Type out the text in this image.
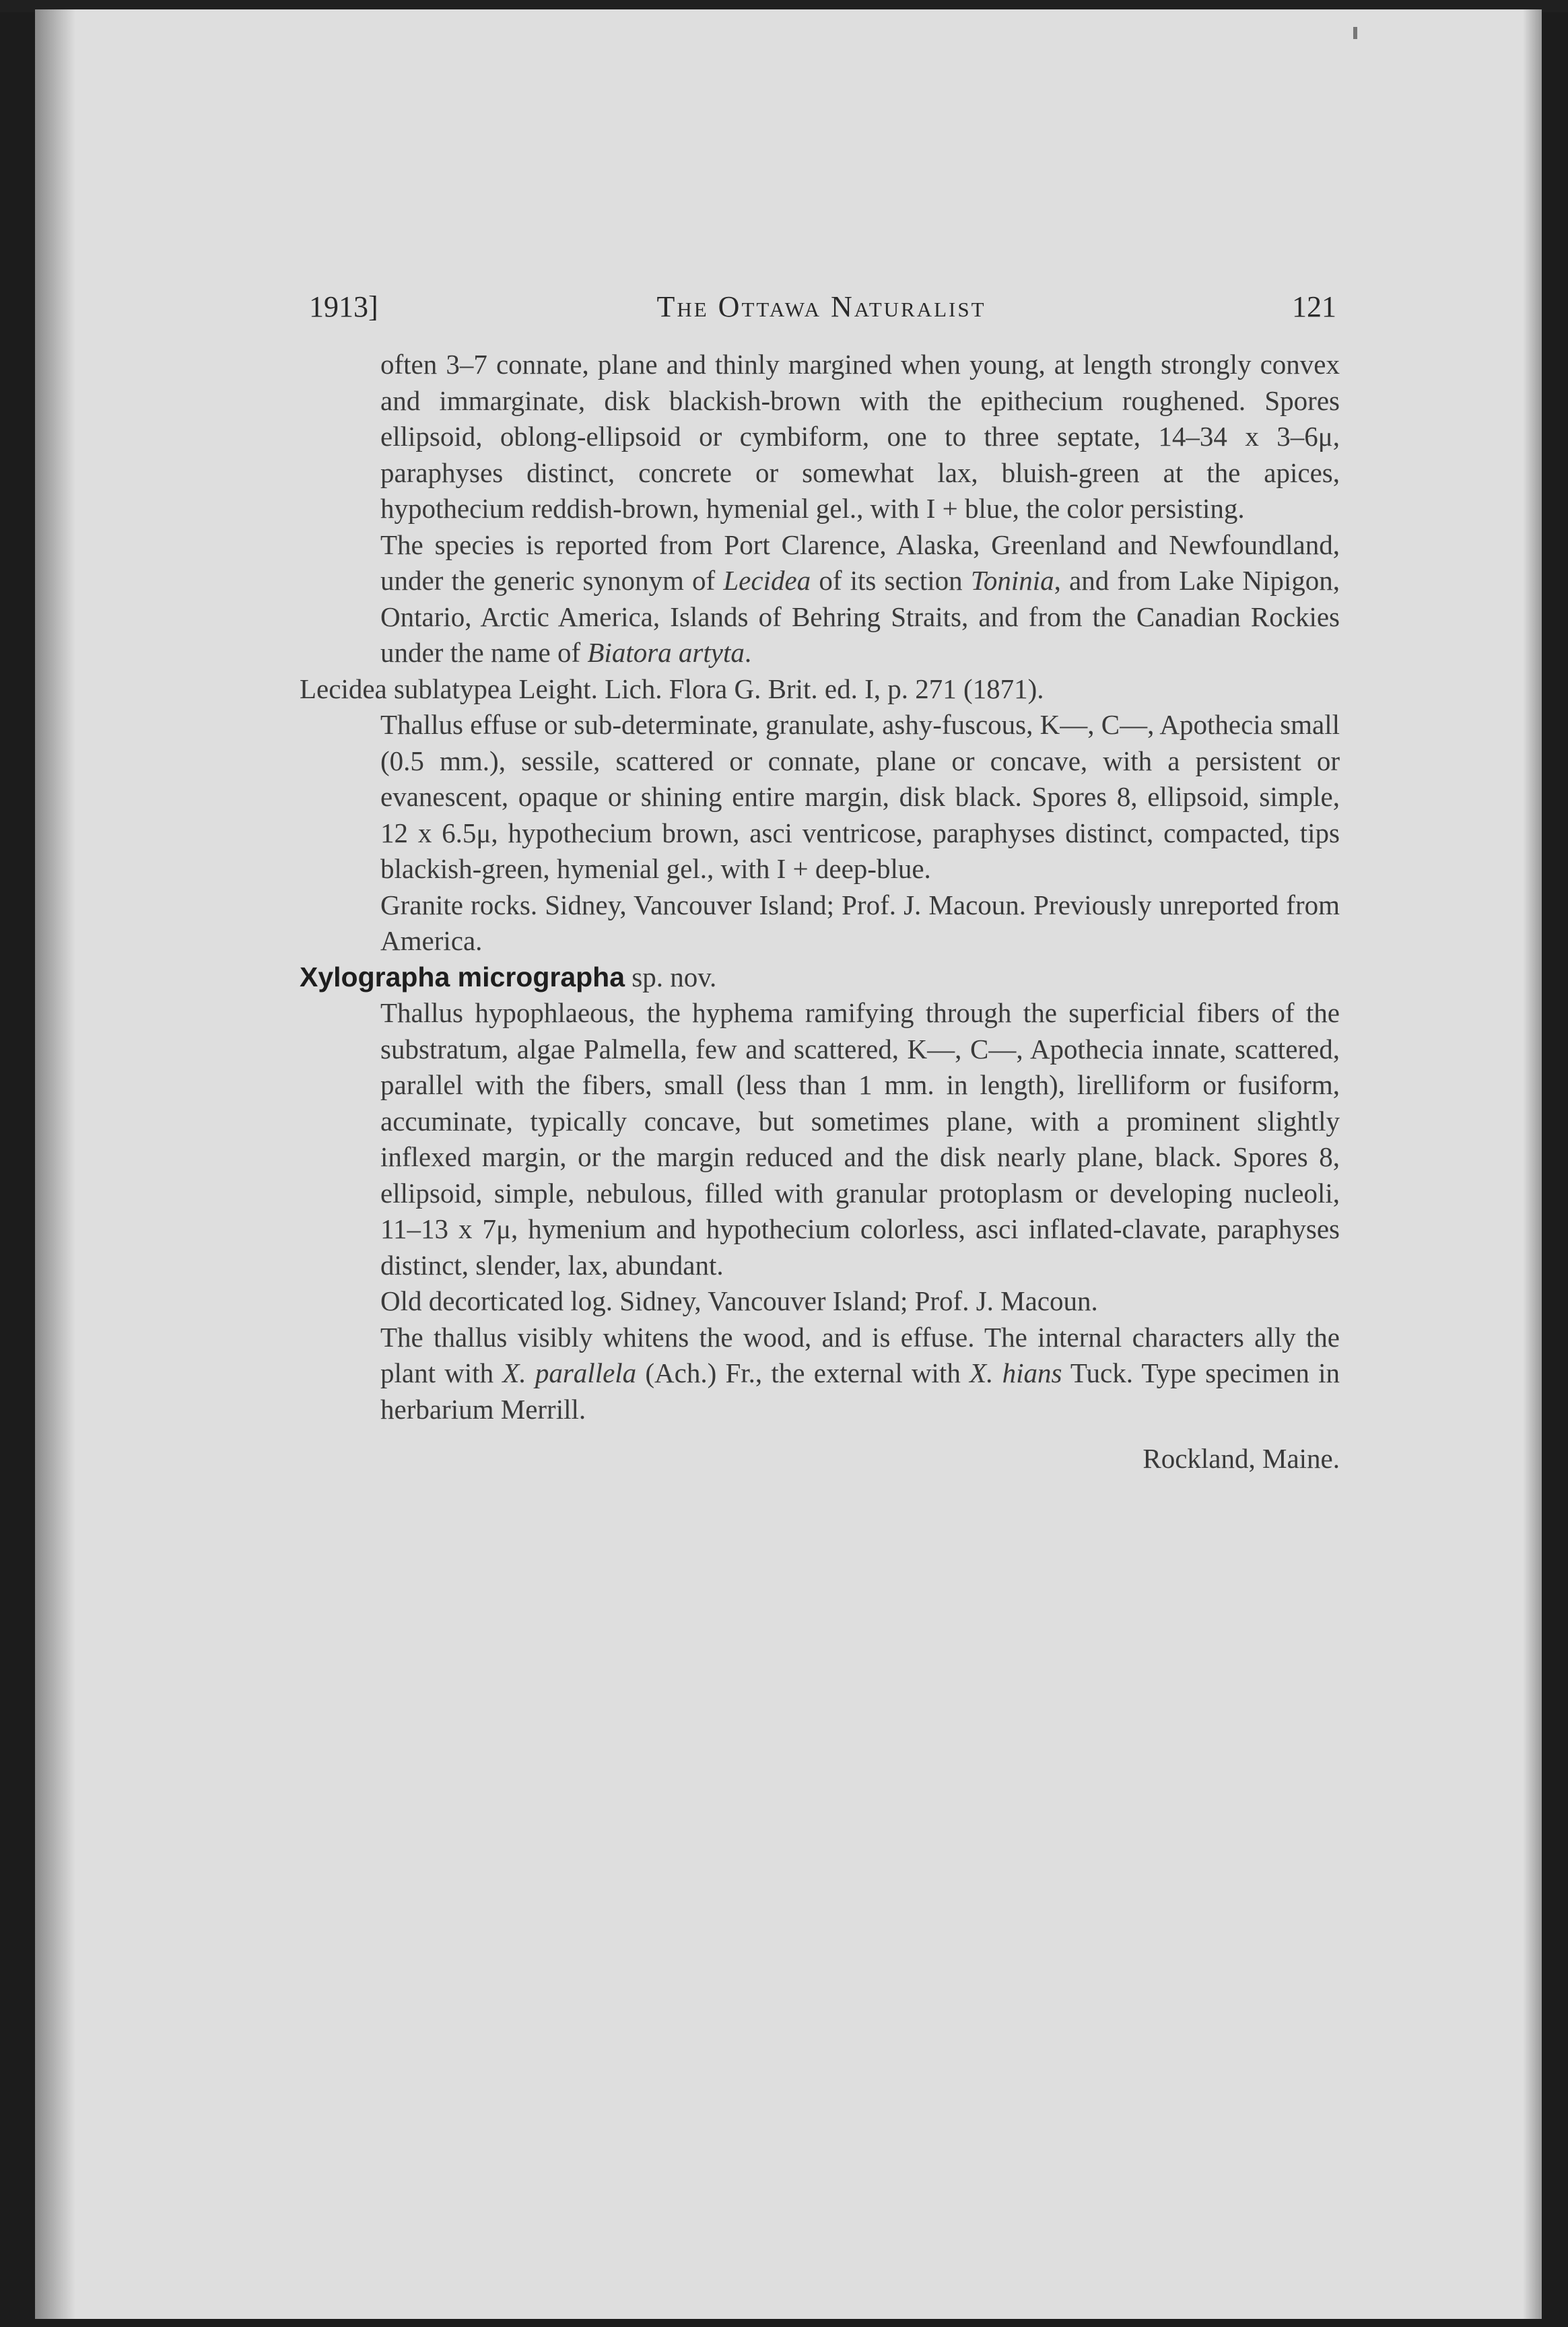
1913]	The Ottawa Naturalist	121
often 3–7 connate, plane and thinly margined when young, at length strongly convex and immarginate, disk blackish-brown with the epithecium roughened. Spores ellipsoid, oblong-ellipsoid or cymbiform, one to three septate, 14–34 x 3–6μ, paraphyses distinct, concrete or somewhat lax, bluish-green at the apices, hypothecium reddish-brown, hymenial gel., with I + blue, the color persisting.
The species is reported from Port Clarence, Alaska, Greenland and Newfoundland, under the generic synonym of Lecidea of its section Toninia, and from Lake Nipigon, Ontario, Arctic America, Islands of Behring Straits, and from the Canadian Rockies under the name of Biatora artyta.
Lecidea sublatypea Leight. Lich. Flora G. Brit. ed. I, p. 271 (1871).
Thallus effuse or sub-determinate, granulate, ashy-fuscous, K—, C—, Apothecia small (0.5 mm.), sessile, scattered or connate, plane or concave, with a persistent or evanescent, opaque or shining entire margin, disk black. Spores 8, ellipsoid, simple, 12 x 6.5μ, hypothecium brown, asci ventricose, paraphyses distinct, compacted, tips blackish-green, hymenial gel., with I + deep-blue.
Granite rocks. Sidney, Vancouver Island; Prof. J. Macoun. Previously unreported from America.
Xylographa micrographa sp. nov.
Thallus hypophlaeous, the hyphema ramifying through the superficial fibers of the substratum, algae Palmella, few and scattered, K—, C—, Apothecia innate, scattered, parallel with the fibers, small (less than 1 mm. in length), lirelliform or fusiform, accuminate, typically concave, but sometimes plane, with a prominent slightly inflexed margin, or the margin reduced and the disk nearly plane, black. Spores 8, ellipsoid, simple, nebulous, filled with granular protoplasm or developing nucleoli, 11–13 x 7μ, hymenium and hypothecium colorless, asci inflated-clavate, paraphyses distinct, slender, lax, abundant.
Old decorticated log. Sidney, Vancouver Island; Prof. J. Macoun.
The thallus visibly whitens the wood, and is effuse. The internal characters ally the plant with X. parallela (Ach.) Fr., the external with X. hians Tuck. Type specimen in herbarium Merrill.
Rockland, Maine.
